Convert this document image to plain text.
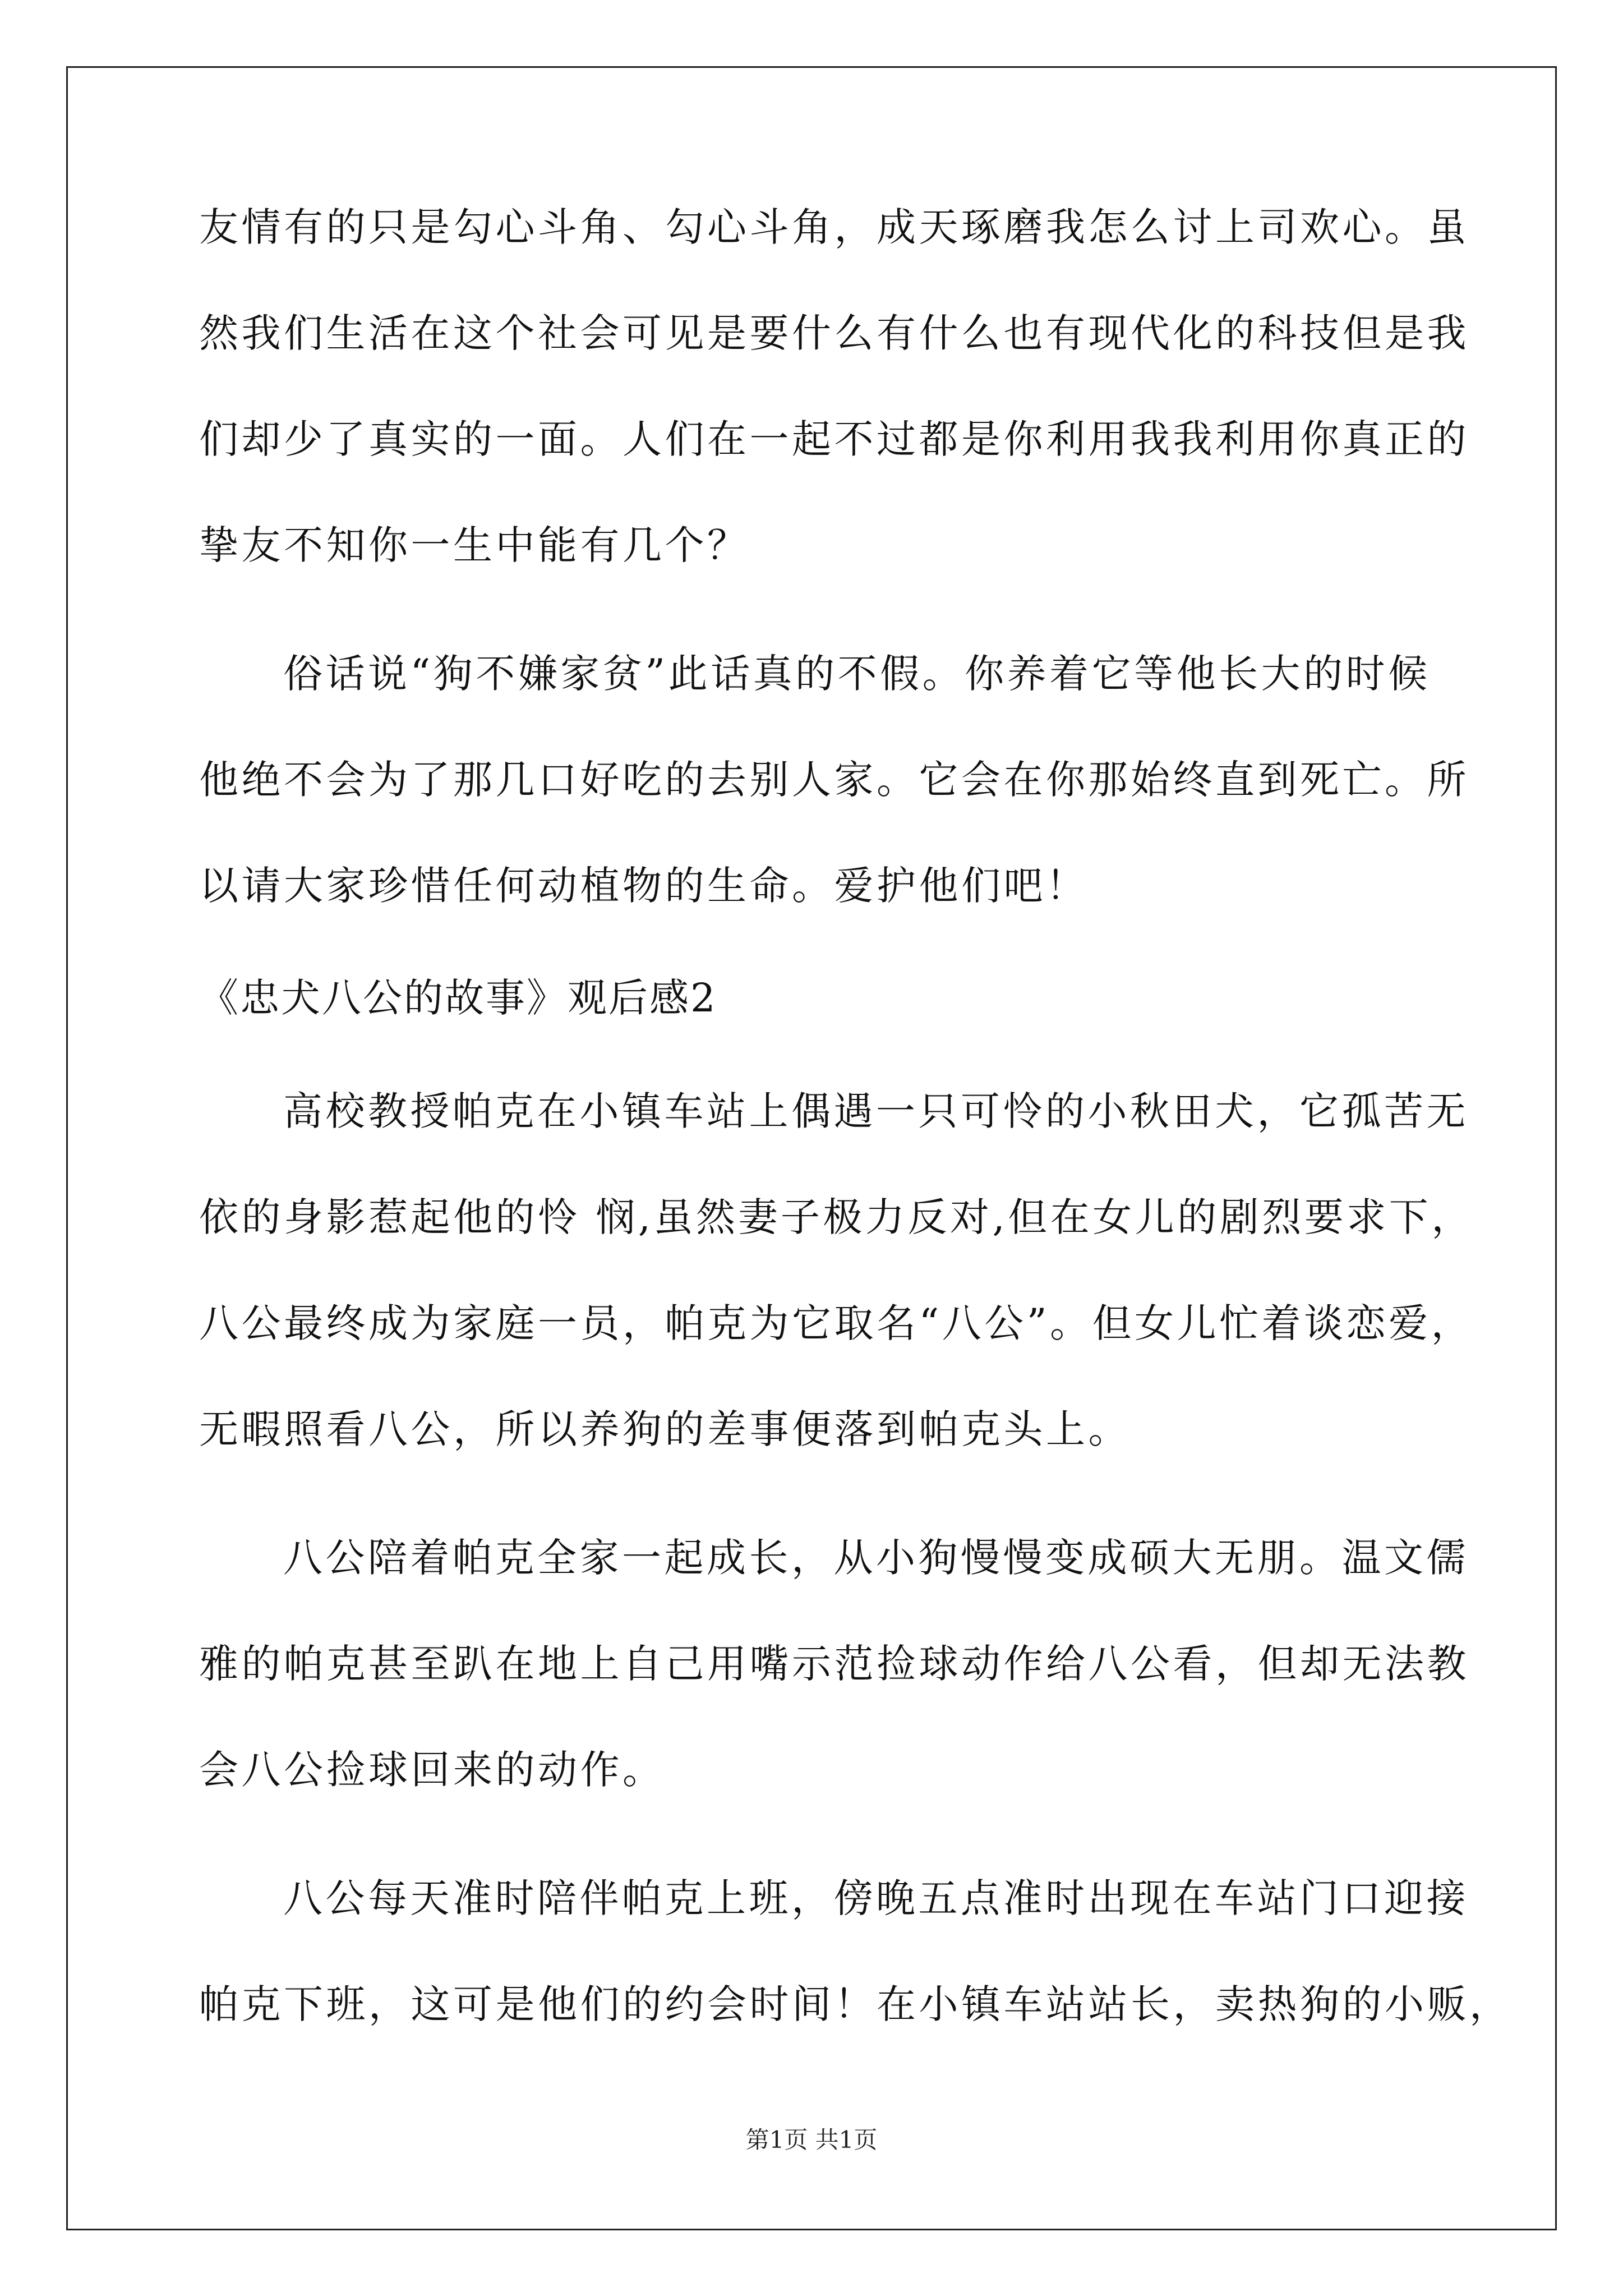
友情有的只是勾心斗角、勾心斗角，成天琢磨我怎么讨上司欢心。虽
然我们生活在这个社会可见是要什么有什么也有现代化的科技但是我
们却少了真实的一面。人们在一起不过都是你利用我我利用你真正的
挚友不知你一生中能有几个？
俗话说“狗不嫌家贫”此话真的不假。你养着它等他长大的时候
他绝不会为了那几口好吃的去别人家。它会在你那始终直到死亡。所
以请大家珍惜任何动植物的生命。爱护他们吧！
《忠犬八公的故事》观后感2
高校教授帕克在小镇车站上偶遇一只可怜的小秋田犬，它孤苦无
依的身影惹起他的怜 悯,虽然妻子极力反对,但在女儿的剧烈要求下，
八公最终成为家庭一员，帕克为它取名“八公”。但女儿忙着谈恋爱，
无暇照看八公，所以养狗的差事便落到帕克头上。
八公陪着帕克全家一起成长，从小狗慢慢变成硕大无朋。温文儒
雅的帕克甚至趴在地上自己用嘴示范捡球动作给八公看，但却无法教
会八公捡球回来的动作。
八公每天准时陪伴帕克上班，傍晚五点准时出现在车站门口迎接
帕克下班，这可是他们的约会时间！在小镇车站站长，卖热狗的小贩，
第1页 共1页
